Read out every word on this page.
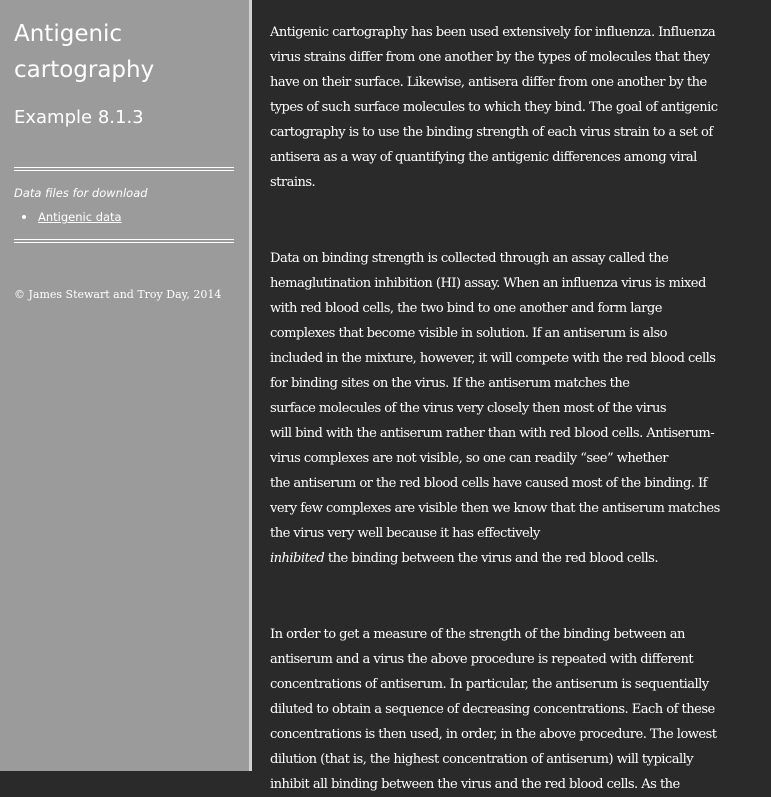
Antigenic
cartography
Example 8.1.3
Data files for download
Antigenic data
© James Stewart and Troy Day, 2014

Antigenic cartography has been used extensively for influenza. Influenza
virus strains differ from one another by the types of molecules that they
have on their surface. Likewise, antisera differ from one another by the
types of such surface molecules to which they bind. The goal of antigenic
cartography is to use the binding strength of each virus strain to a set of
antisera as a way of quantifying the antigenic differences among viral
strains.

Data on binding strength is collected through an assay called the
hemaglutination inhibition (HI) assay. When an influenza virus is mixed
with red blood cells, the two bind to one another and form large
complexes that become visible in solution. If an antiserum is also
included in the mixture, however, it will compete with the red blood cells
for binding sites on the virus. If the antiserum matches the
surface molecules of the virus very closely then most of the virus
will bind with the antiserum rather than with red blood cells. Antiserum-
virus complexes are not visible, so one can readily “see” whether
the antiserum or the red blood cells have caused most of the binding. If
very few complexes are visible then we know that the antiserum matches
the virus very well because it has effectively
inhibited the binding between the virus and the red blood cells.

In order to get a measure of the strength of the binding between an
antiserum and a virus the above procedure is repeated with different
concentrations of antiserum. In particular, the antiserum is sequentially
diluted to obtain a sequence of decreasing concentrations. Each of these
concentrations is then used, in order, in the above procedure. The lowest
dilution (that is, the highest concentration of antiserum) will typically
inhibit all binding between the virus and the red blood cells. As the
